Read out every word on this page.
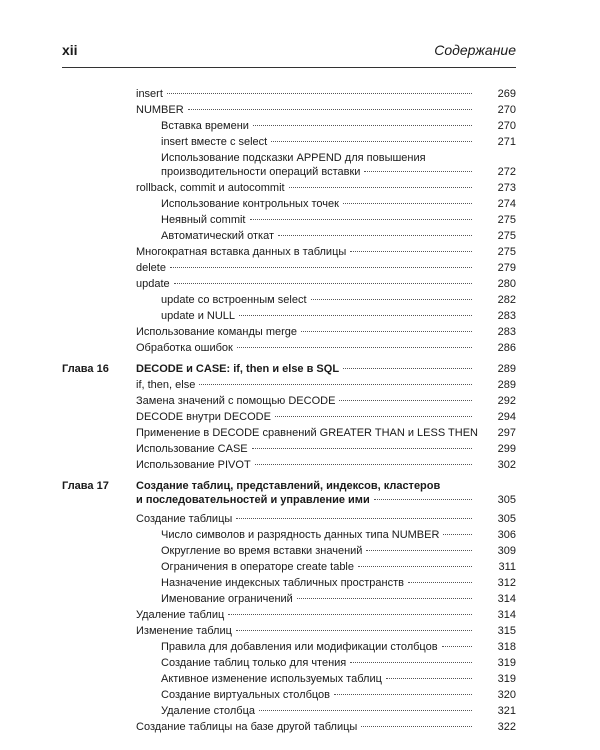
xii	Содержание
insert	269
NUMBER	270
Вставка времени	270
insert вместе с select	271
Использование подсказки APPEND для повышения
производительности операций вставки	272
rollback, commit и autocommit	273
Использование контрольных точек	274
Неявный commit	275
Автоматический откат	275
Многократная вставка данных в таблицы	275
delete	279
update	280
update со встроенным select	282
update и NULL	283
Использование команды merge	283
Обработка ошибок	286
Глава 16 DECODE и CASE: if, then и else в SQL	289
if, then, else	289
Замена значений с помощью DECODE	292
DECODE внутри DECODE	294
Применение в DECODE сравнений GREATER THAN и LESS THEN	297
Использование CASE	299
Использование PIVOT	302
Глава 17 Создание таблиц, представлений, индексов, кластеров
и последовательностей и управление ими	305
Создание таблицы	305
Число символов и разрядность данных типа NUMBER	306
Округление во время вставки значений	309
Ограничения в операторе create table	311
Назначение индексных табличных пространств	312
Именование ограничений	314
Удаление таблиц	314
Изменение таблиц	315
Правила для добавления или модификации столбцов	318
Создание таблиц только для чтения	319
Активное изменение используемых таблиц	319
Создание виртуальных столбцов	320
Удаление столбца	321
Создание таблицы на базе другой таблицы	322
